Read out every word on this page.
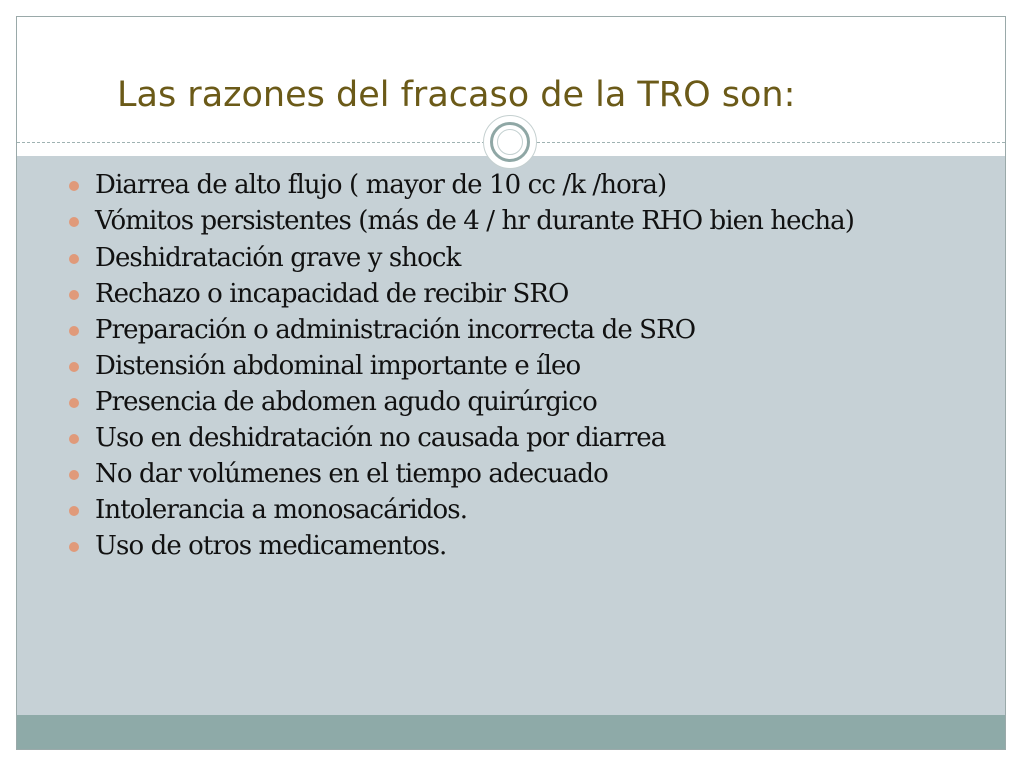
Las razones del fracaso de la TRO son:
Diarrea de alto flujo ( mayor de 10 cc /k /hora)
Vómitos persistentes (más de 4 / hr durante RHO bien hecha)
Deshidratación grave y shock
Rechazo o incapacidad de recibir SRO
Preparación o administración incorrecta de SRO
Distensión abdominal importante e íleo
Presencia de abdomen agudo quirúrgico
Uso en deshidratación no causada por diarrea
No dar volúmenes en el tiempo adecuado
Intolerancia a monosacáridos.
Uso de otros medicamentos.
